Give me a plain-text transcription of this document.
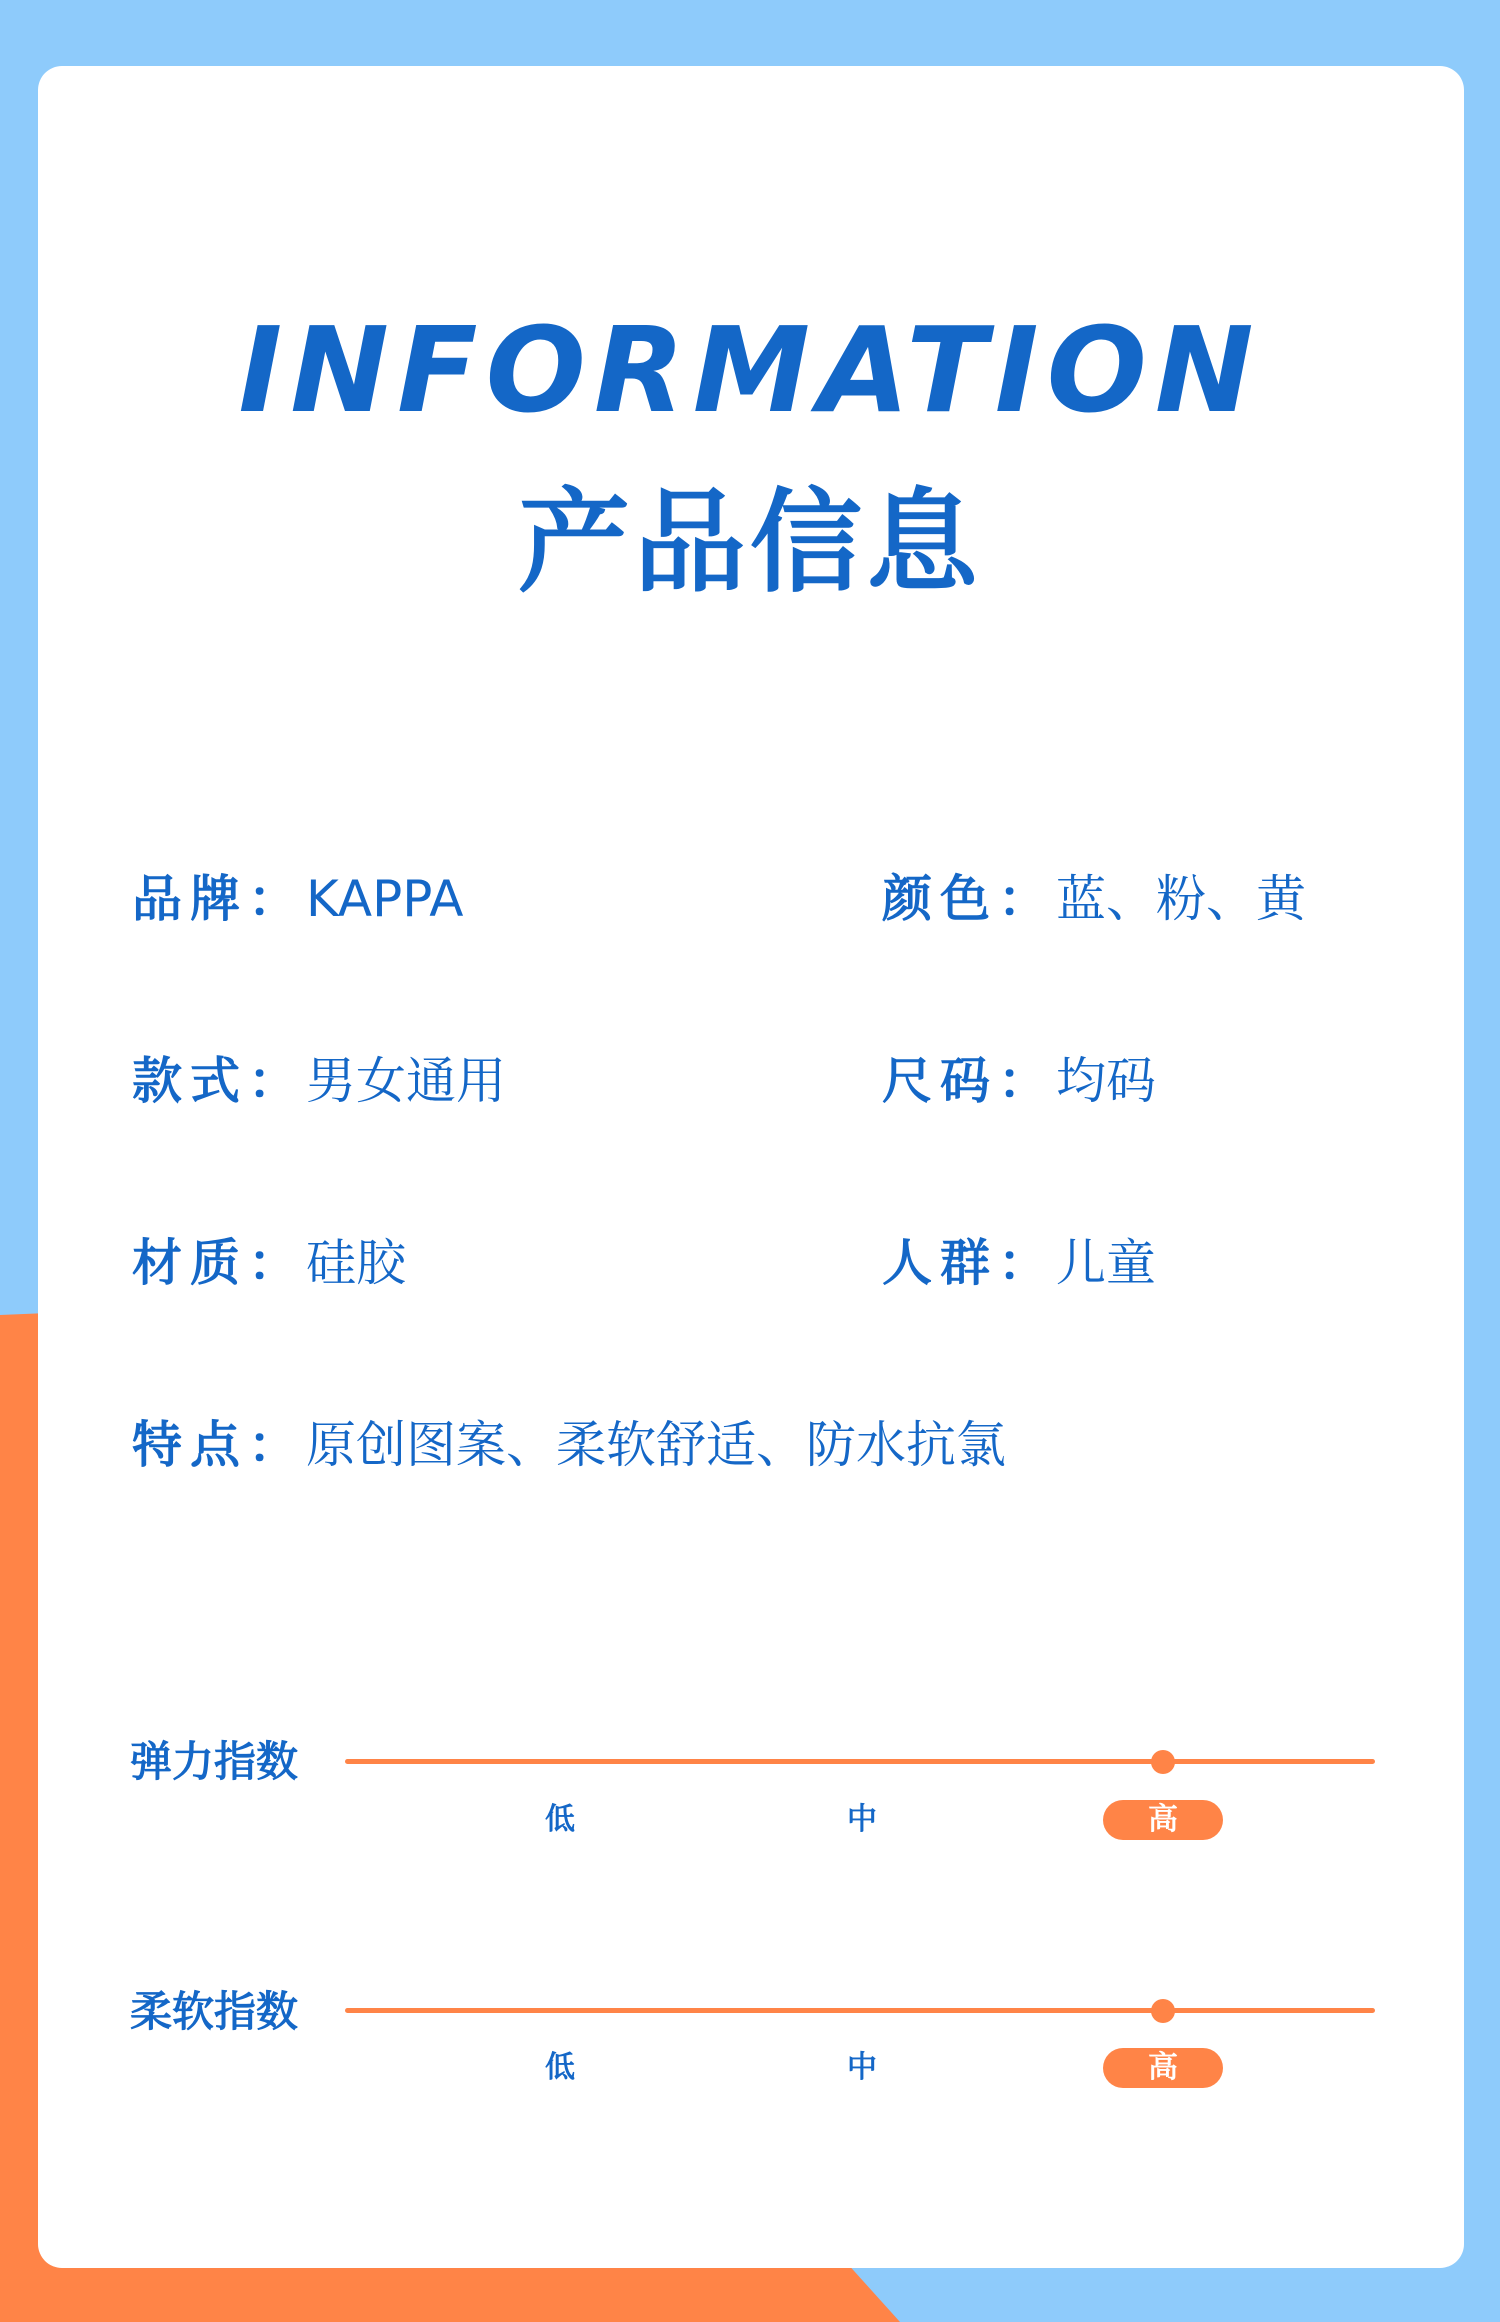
INFORMATION
产品信息
品牌：KAPPA	颜色：蓝、粉、黄
款式：男女通用	尺码：均码
材质：硅胶	人群：儿童
特点：原创图案、柔软舒适、防水抗氯
弹力指数
低	中	高
柔软指数
低	中	高
